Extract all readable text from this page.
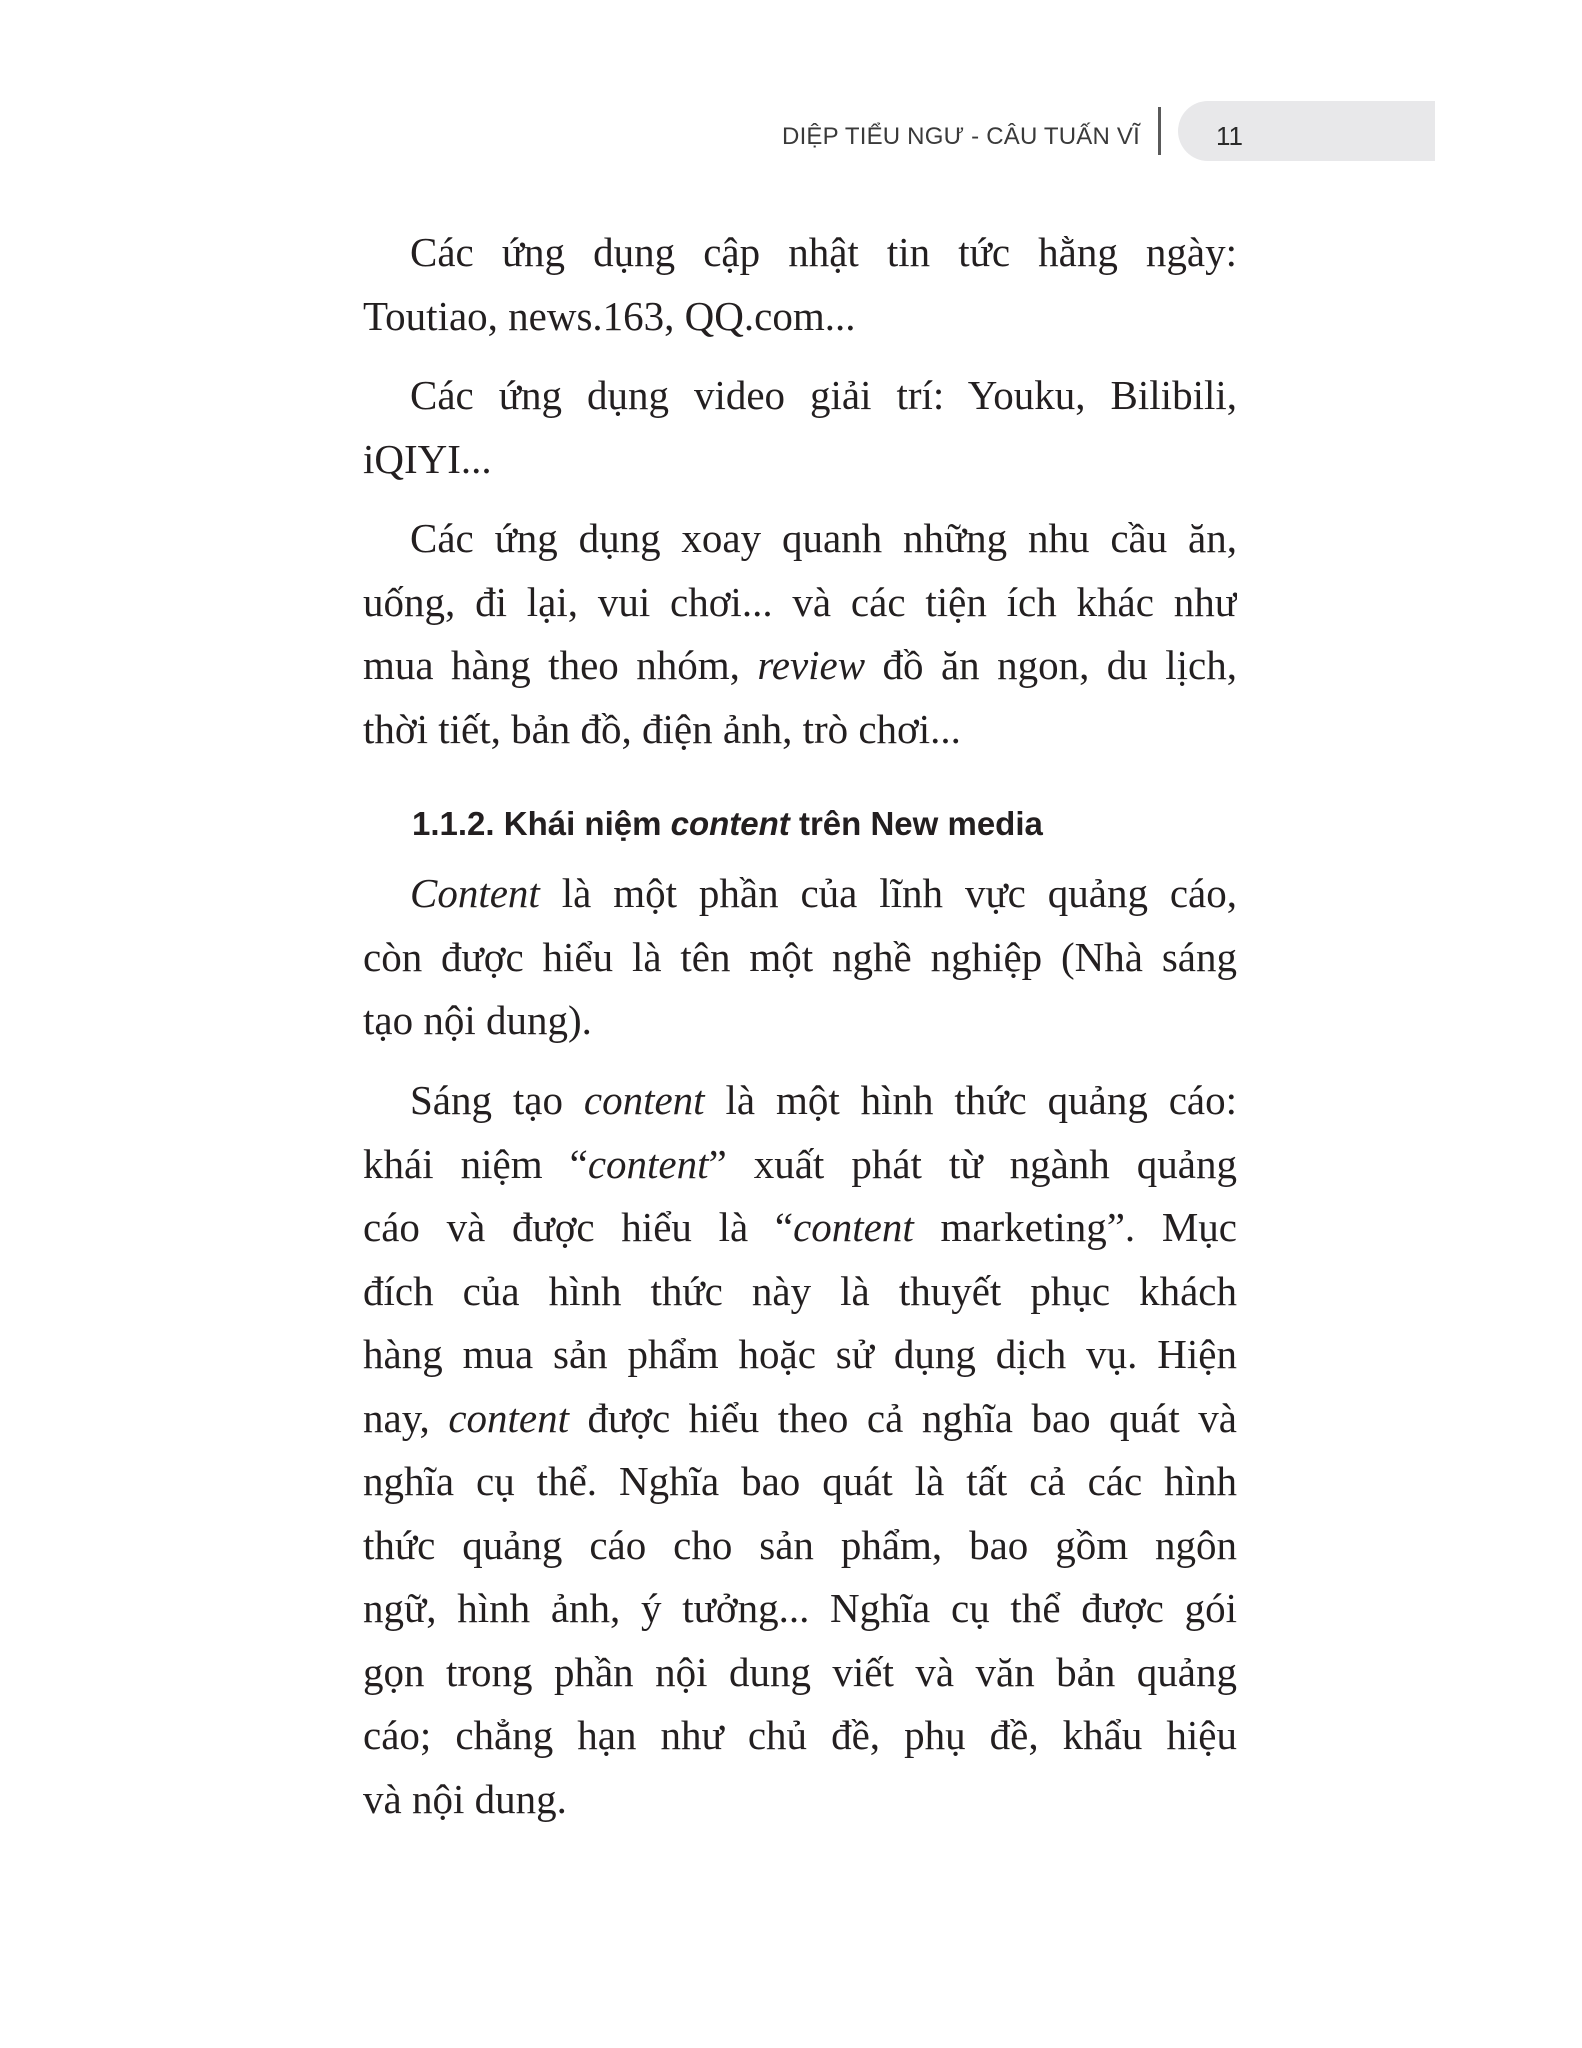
DIỆP TIỂU NGƯ - CÂU TUẤN VĨ	11
1.1.2. Khái niệm content trên New media
Các ứng dụng cập nhật tin tức hằng ngày:
Toutiao, news.163, QQ.com...
Các ứng dụng video giải trí: Youku, Bilibili,
iQIYI...
Các ứng dụng xoay quanh những nhu cầu ăn,
uống, đi lại, vui chơi... và các tiện ích khác như
mua hàng theo nhóm, review đồ ăn ngon, du lịch,
thời tiết, bản đồ, điện ảnh, trò chơi...
Content là một phần của lĩnh vực quảng cáo,
còn được hiểu là tên một nghề nghiệp (Nhà sáng
tạo nội dung).
Sáng tạo content là một hình thức quảng cáo:
khái niệm “content” xuất phát từ ngành quảng
cáo và được hiểu là “content marketing”. Mục
đích của hình thức này là thuyết phục khách
hàng mua sản phẩm hoặc sử dụng dịch vụ. Hiện
nay, content được hiểu theo cả nghĩa bao quát và
nghĩa cụ thể. Nghĩa bao quát là tất cả các hình
thức quảng cáo cho sản phẩm, bao gồm ngôn
ngữ, hình ảnh, ý tưởng... Nghĩa cụ thể được gói
gọn trong phần nội dung viết và văn bản quảng
cáo; chẳng hạn như chủ đề, phụ đề, khẩu hiệu
và nội dung.
